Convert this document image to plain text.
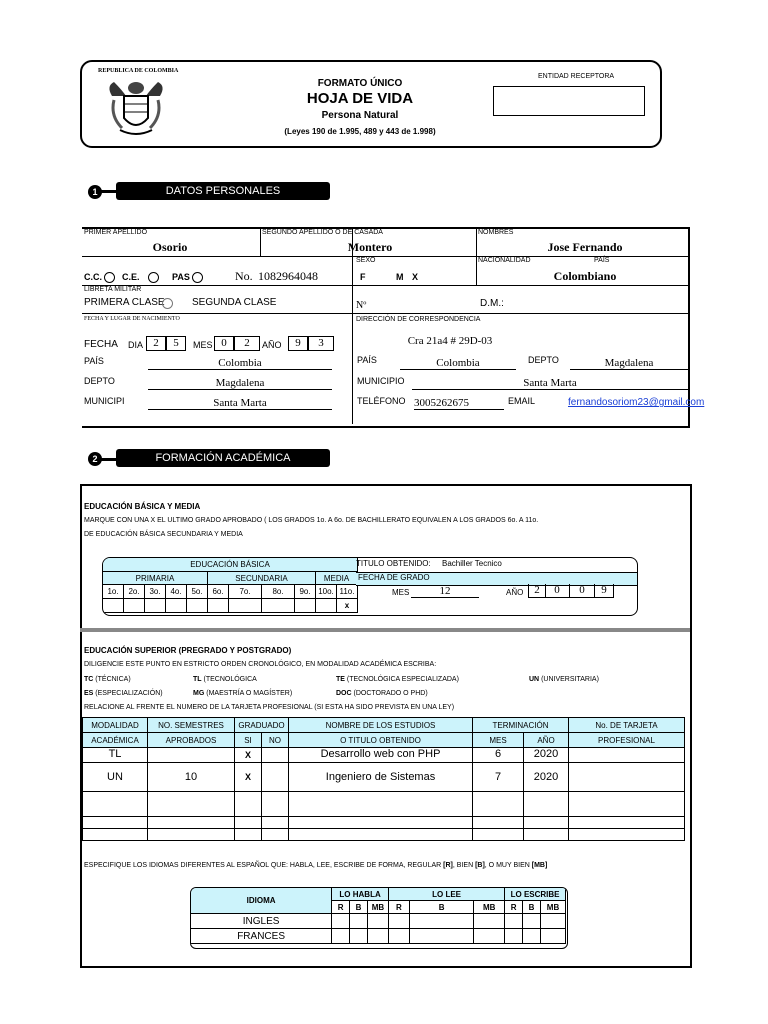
REPUBLICA DE COLOMBIA
FORMATO ÚNICO
HOJA DE VIDA
Persona Natural
(Leyes 190 de 1.995, 489 y 443 de 1.998)
ENTIDAD RECEPTORA
1	DATOS PERSONALES
PRIMER APELLIDO	SEGUNDO APELLIDO O DE CASADA	NOMBRES
Osorio	Montero	Jose Fernando
SEXO	NACIONALIDAD	PAÍS
C.C. C.E.	PAS	No. 1082964048	F	M X	Colombiano
LIBRETA MILITAR
PRIMERA CLASE	SEGUNDA CLASE	Nº	D.M.:
FECHA Y LUGAR DE NACIMIENTO	DIRECCIÓN DE CORRESPONDENCIA
FECHA DIA 2	5	MES 0	2	AÑO	9	3	Cra 21a4 # 29D-03
PAÍS	Colombia
DEPTO	Magdalena
MUNICIPI	Santa Marta
PAÍS	Colombia	DEPTO	Magdalena
MUNICIPIO	Santa Marta
TELÉFONO 3005262675	EMAIL	fernandosoriom23@gmail.com
2	FORMACIÓN ACADÉMICA
EDUCACIÓN BÁSICA Y MEDIA
MARQUE CON UNA X EL ULTIMO GRADO APROBADO ( LOS GRADOS 1o. A 6o. DE BACHILLERATO EQUIVALEN A LOS GRADOS 6o. A 11o.
DE EDUCACIÓN BÁSICA SECUNDARIA Y MEDIA
EDUCACIÓN BÁSICA										
PRIMARIA					SECUNDARIA				MEDIA	
1o.	2o.	3o.	4o.	5o.	6o.	7o.	8o.	9o.	10o.	11o.
										x
TITULO OBTENIDO: Bachiller Tecnico
FECHA DE GRADO
MES	12	AÑO 2	0	0	9
EDUCACIÓN SUPERIOR (PREGRADO Y POSTGRADO)
DILIGENCIE ESTE PUNTO EN ESTRICTO ORDEN CRONOLÓGICO, EN MODALIDAD ACADÉMICA ESCRIBA:
TC (TÉCNICA)	TL (TECNOLÓGICA	TE (TECNOLÓGICA ESPECIALIZADA)	UN (UNIVERSITARIA)
ES (ESPECIALIZACIÓN)	MG (MAESTRÍA O MAGÍSTER)	DOC (DOCTORADO O PHD)
RELACIONE AL FRENTE EL NUMERO DE LA TARJETA PROFESIONAL (SI ESTA HA SIDO PREVISTA EN UNA LEY)
MODALIDAD	NO. SEMESTRES	GRADUADO		NOMBRE DE LOS ESTUDIOS	TERMINACIÓN		No. DE TARJETA
ACADÉMICA	APROBADOS	SI	NO	O TITULO OBTENIDO	MES	AÑO	PROFESIONAL
TL		X		Desarrollo web con PHP	6	2020	
UN	10	X		Ingeniero de Sistemas	7	2020	

ESPECIFIQUE LOS IDIOMAS DIFERENTES AL ESPAÑOL QUE: HABLA, LEE, ESCRIBE DE FORMA, REGULAR [R], BIEN [B], O MUY BIEN [MB]
IDIOMA	LO HABLA			LO LEE			LO ESCRIBE		
	R	B	MB	R	B	MB	R	B	MB
INGLES									
FRANCES									
